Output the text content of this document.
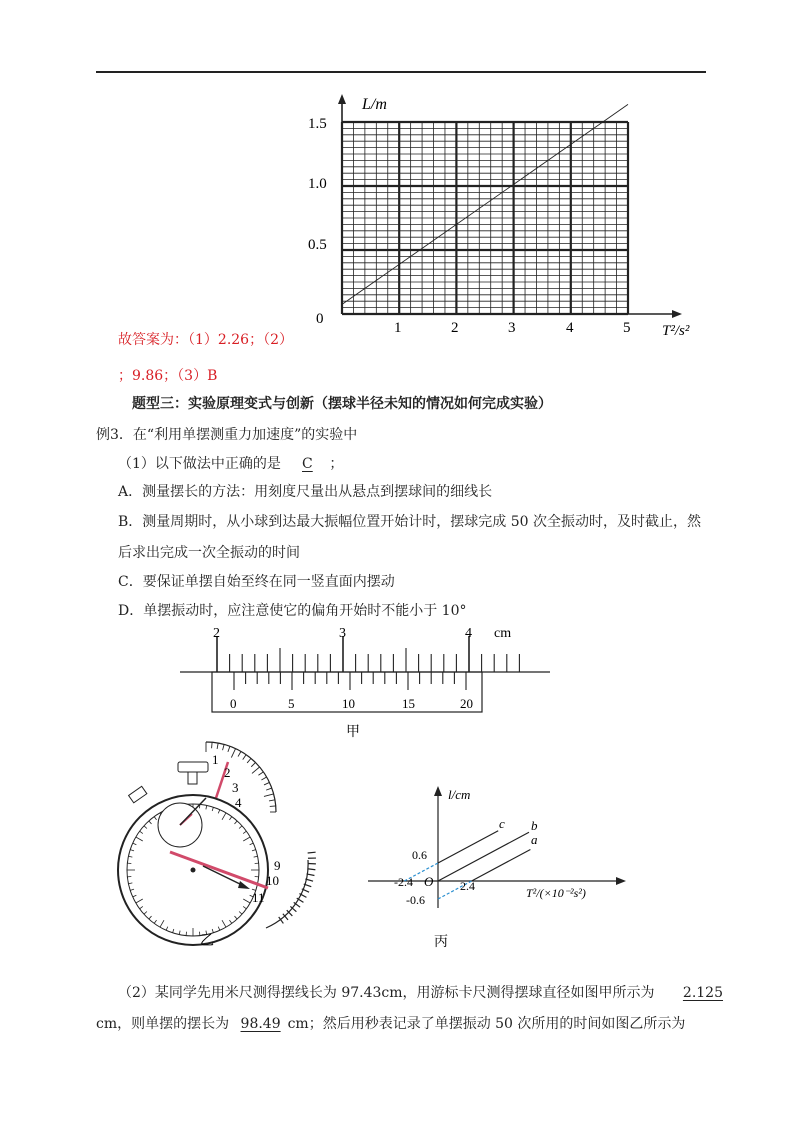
L/m
T²/s²
0
1.5
1.0
0.5
1	2	3	4	5
故答案为：（1）2.26；（2）
；9.86；（3）B
题型三：实验原理变式与创新（摆球半径未知的情况如何完成实验）
例3．在“利用单摆测重力加速度”的实验中
（1）以下做法中正确的是 C ；
A．测量摆长的方法：用刻度尺量出从悬点到摆球间的细线长
B．测量周期时，从小球到达最大振幅位置开始计时，摆球完成 50 次全振动时，及时截止，然
后求出完成一次全振动的时间
C．要保证单摆自始至终在同一竖直面内摆动
D．单摆振动时，应注意使它的偏角开始时不能小于 10°
2	3	4 cm
0	5	10	15	20
甲
1
2
3
4
9
10
11
乙
l/cm
T²/(×10⁻²s²)
O
0.6
-0.6
-2.4	2.4
c b
a
丙
（2）某同学先用米尺测得摆线长为 97.43cm，用游标卡尺测得摆球直径如图甲所示为 2.125
cm，则单摆的摆长为 98.49 cm；然后用秒表记录了单摆振动 50 次所用的时间如图乙所示为
